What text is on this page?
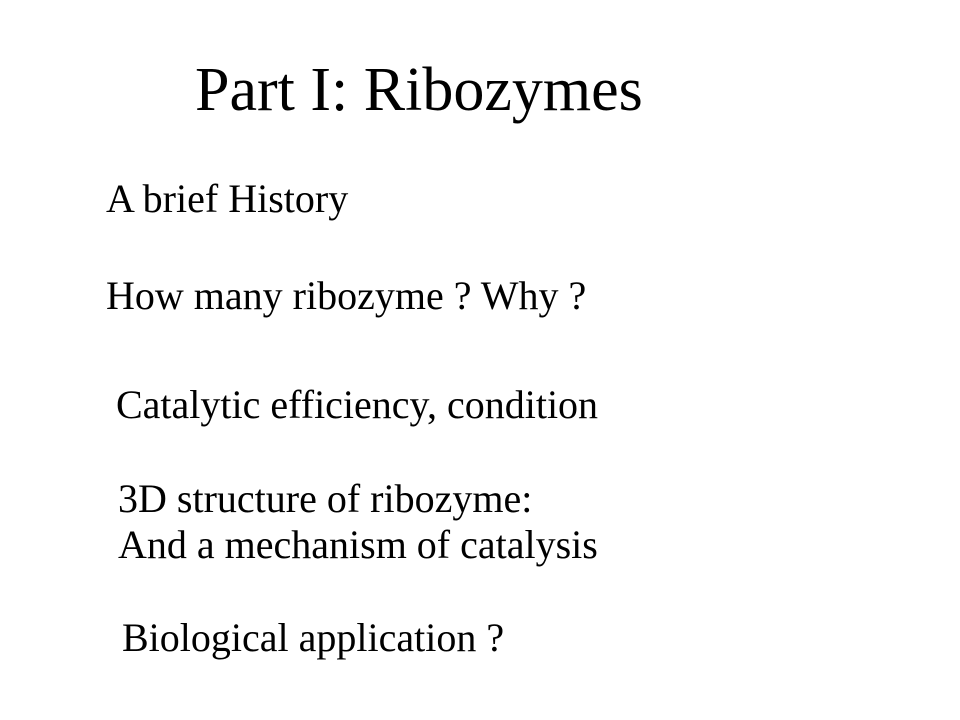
Part I: Ribozymes

A brief History

How many ribozyme ? Why ?

Catalytic efficiency, condition

3D structure of ribozyme:
And a mechanism of catalysis

Biological application ?
